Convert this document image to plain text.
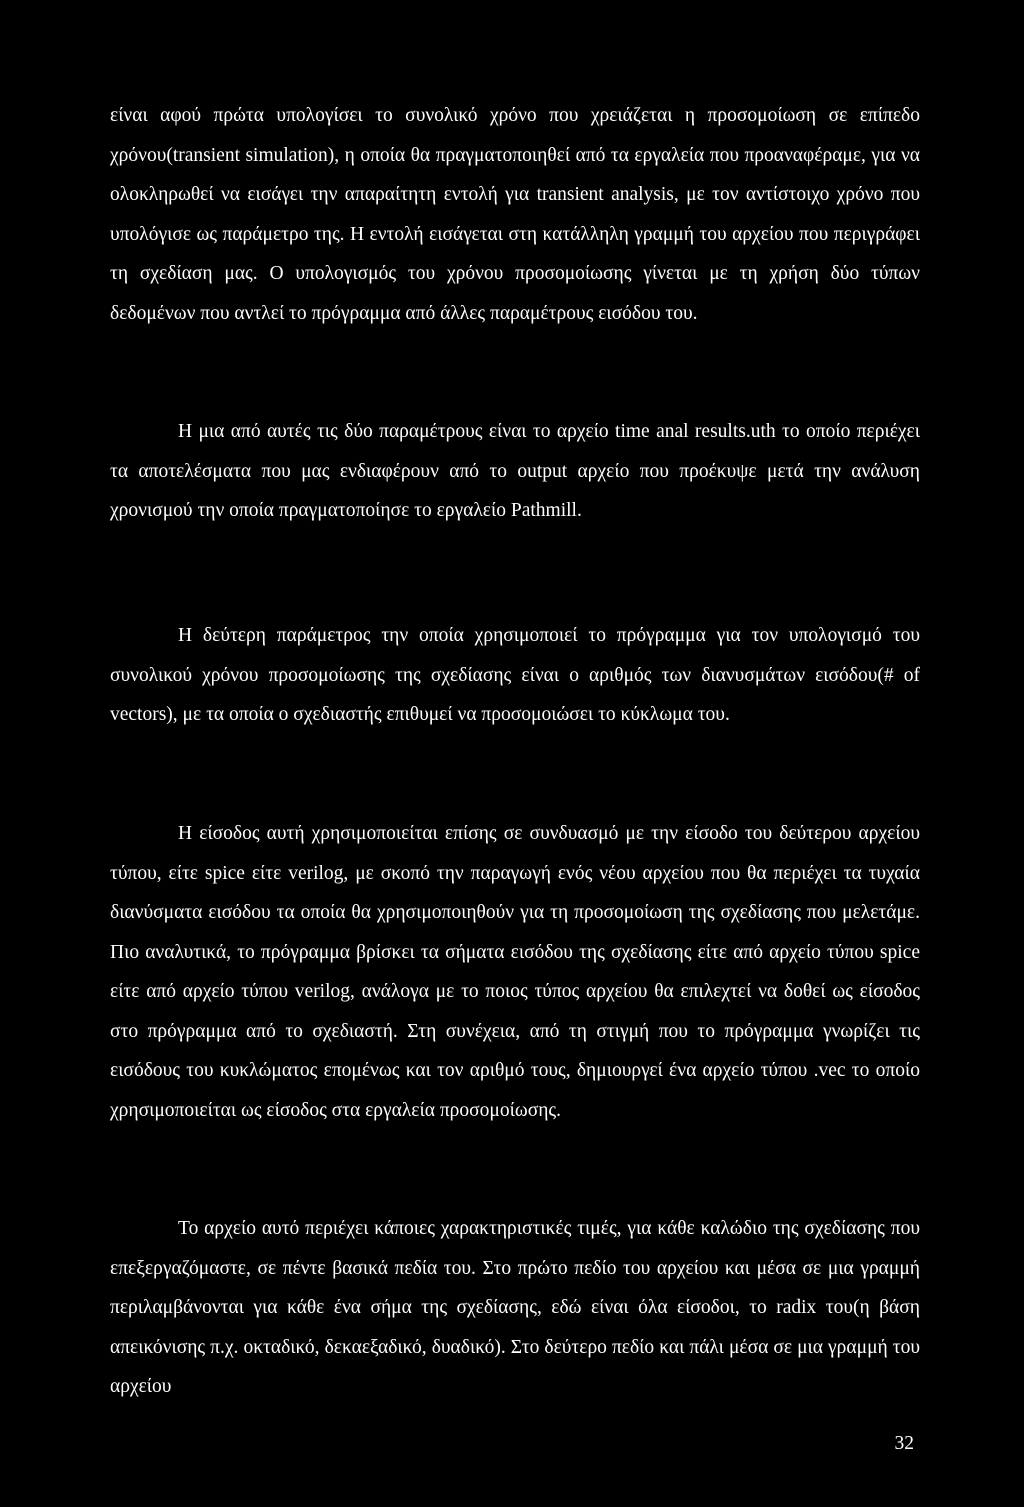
είναι αφού πρώτα υπολογίσει το συνολικό χρόνο που χρειάζεται η προσομοίωση σε επίπεδο χρόνου(transient simulation), η οποία θα πραγματοποιηθεί από τα εργαλεία που προαναφέραμε, για να ολοκληρωθεί να εισάγει την απαραίτητη εντολή για transient analysis, με τον αντίστοιχο χρόνο που υπολόγισε ως παράμετρο της. Η εντολή εισάγεται στη κατάλληλη γραμμή του αρχείου που περιγράφει τη σχεδίαση μας. Ο υπολογισμός του χρόνου προσομοίωσης γίνεται με τη χρήση δύο τύπων δεδομένων που αντλεί το πρόγραμμα από άλλες παραμέτρους εισόδου του.

Η μια από αυτές τις δύο παραμέτρους είναι το αρχείο time anal results.uth το οποίο περιέχει τα αποτελέσματα που μας ενδιαφέρουν από το output αρχείο που προέκυψε μετά την ανάλυση χρονισμού την οποία πραγματοποίησε το εργαλείο Pathmill.

Η δεύτερη παράμετρος την οποία χρησιμοποιεί το πρόγραμμα για τον υπολογισμό του συνολικού χρόνου προσομοίωσης της σχεδίασης είναι ο αριθμός των διανυσμάτων εισόδου(# of vectors), με τα οποία ο σχεδιαστής επιθυμεί να προσομοιώσει το κύκλωμα του.

Η είσοδος αυτή χρησιμοποιείται επίσης σε συνδυασμό με την είσοδο του δεύτερου αρχείου τύπου, είτε spice είτε verilog, με σκοπό την παραγωγή ενός νέου αρχείου που θα περιέχει τα τυχαία διανύσματα εισόδου τα οποία θα χρησιμοποιηθούν για τη προσομοίωση της σχεδίασης που μελετάμε. Πιο αναλυτικά, το πρόγραμμα βρίσκει τα σήματα εισόδου της σχεδίασης είτε από αρχείο τύπου spice είτε από αρχείο τύπου verilog, ανάλογα με το ποιος τύπος αρχείου θα επιλεχτεί να δοθεί ως είσοδος στο πρόγραμμα από το σχεδιαστή. Στη συνέχεια, από τη στιγμή που το πρόγραμμα γνωρίζει τις εισόδους του κυκλώματος επομένως και τον αριθμό τους, δημιουργεί ένα αρχείο τύπου .vec το οποίο χρησιμοποιείται ως είσοδος στα εργαλεία προσομοίωσης.

Το αρχείο αυτό περιέχει κάποιες χαρακτηριστικές τιμές, για κάθε καλώδιο της σχεδίασης που επεξεργαζόμαστε, σε πέντε βασικά πεδία του. Στο πρώτο πεδίο του αρχείου και μέσα σε μια γραμμή περιλαμβάνονται για κάθε ένα σήμα της σχεδίασης, εδώ είναι όλα είσοδοι, το radix του(η βάση απεικόνισης π.χ. οκταδικό, δεκαεξαδικό, δυαδικό). Στο δεύτερο πεδίο και πάλι μέσα σε μια γραμμή του αρχείου

32
